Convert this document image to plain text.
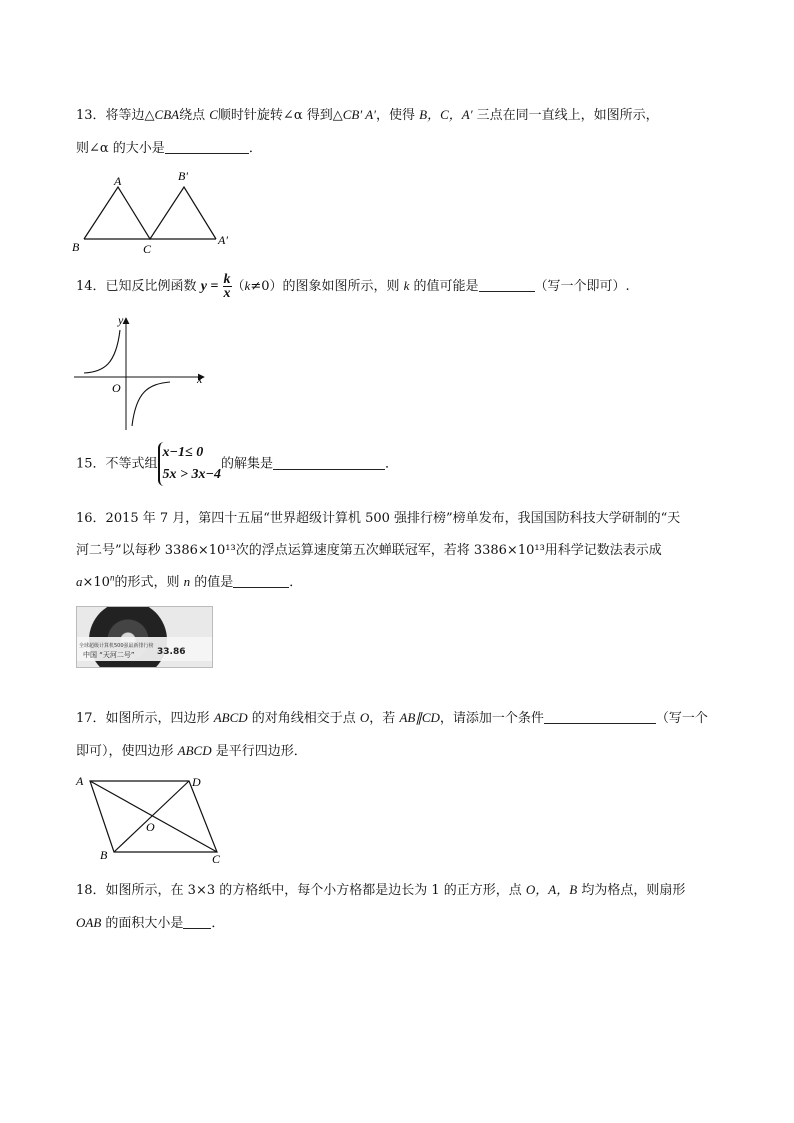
13．将等边△CBA绕点 C顺时针旋转∠α 得到△CB′ A′，使得 B，C，A′ 三点在同一直线上，如图所示，
则∠α 的大小是	．
A
B	C
B′
A′
14．已知反比例函数 $y = \frac{k}{x} (k\ne 0)$的图象如图所示，则 k 的值可能是	（写一个即可）.
y
x
O
15．不等式组
x−1≤ 0
5x > 3x−4
的解集是	．
16．2015 年 7 月，第四十五届“世界超级计算机 500 强排行榜”榜单发布，我国国防科技大学研制的“天
河二号”以每秒 3386×10¹³次的浮点运算速度第五次蝉联冠军，若将 3386×10¹³用科学记数法表示成
$a\times 10^n$的形式，则 n 的值是	．
全球超级计算机500强最新排行榜
中国 “天河二号”	33.86
17．如图所示，四边形 ABCD 的对角线相交于点 O，若 AB∥CD，请添加一个条件	（写一个
即可），使四边形 ABCD 是平行四边形．
A	D
O
B	C
18．如图所示，在 3×3 的方格纸中，每个小方格都是边长为 1 的正方形，点 O，A，B 均为格点，则扇形
OAB 的面积大小是 ．
